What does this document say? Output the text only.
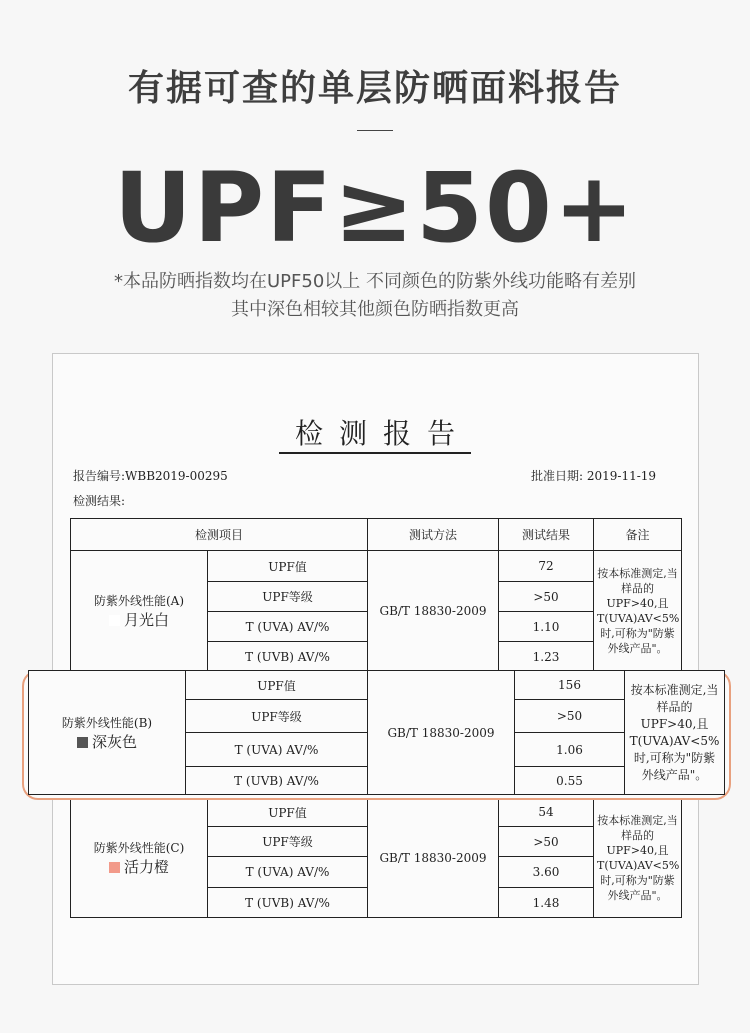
有据可查的单层防晒面料报告
UPF≥50+
*本品防晒指数均在UPF50以上 不同颜色的防紫外线功能略有差别
其中深色相较其他颜色防晒指数更高
检测报告
报告编号:WBB2019-00295	批准日期: 2019-11-19
检测结果:
检测项目		测试方法	测试结果	备注

防紫外线性能(A)
月光白	UPF值	GB/T 18830-2009	72	按本标准测定,当样品的UPF>40,且T(UVA)AV<5%时,可称为"防紫外线产品"。
	UPF等级		>50	
	T (UVA) AV/%		1.10	
	T (UVB) AV/%		1.23	
防紫外线性能(C)
活力橙	UPF值	GB/T 18830-2009	54	按本标准测定,当样品的UPF>40,且T(UVA)AV<5%时,可称为"防紫外线产品"。
	UPF等级		>50	
	T (UVA) AV/%		3.60	
	T (UVB) AV/%		1.48	
防紫外线性能(B)
深灰色	UPF值	GB/T 18830-2009	156	按本标准测定,当样品的UPF>40,且T(UVA)AV<5%时,可称为"防紫外线产品"。
	UPF等级		>50	
	T (UVA) AV/%		1.06	
	T (UVB) AV/%		0.55	
